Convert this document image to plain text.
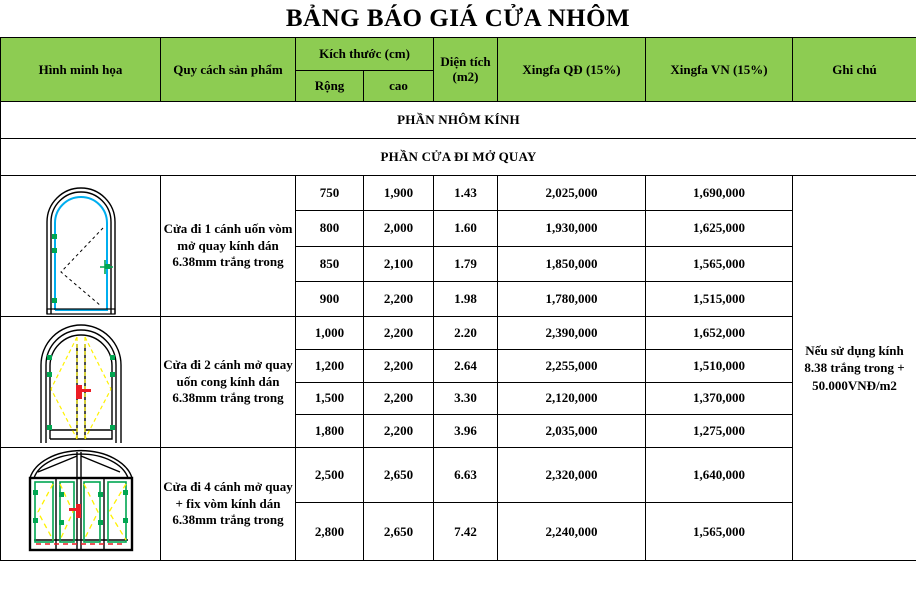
BẢNG BÁO GIÁ CỬA NHÔM
Hình minh họa	Quy cách sản phẩm	Kích thước (cm)		Diện tích (m2)	Xingfa QĐ (15%)	Xingfa VN (15%)	Ghi chú
		Rộng	cao				
PHẦN NHÔM KÍNH							
PHẦN CỬA ĐI MỞ QUAY							

	Cửa đi 1 cánh uốn vòm mở quay kính dán 6.38mm trắng trong	750	1,900	1.43	2,025,000	1,690,000	Nếu sử dụng kính 8.38 trắng trong + 50.000VNĐ/m2
		800	2,000	1.60	1,930,000	1,625,000	
		850	2,100	1.79	1,850,000	1,565,000	
		900	2,200	1.98	1,780,000	1,515,000	

	Cửa đi 2 cánh mở quay uốn cong kính dán 6.38mm trắng trong	1,000	2,200	2.20	2,390,000	1,652,000	
		1,200	2,200	2.64	2,255,000	1,510,000	
		1,500	2,200	3.30	2,120,000	1,370,000	
		1,800	2,200	3.96	2,035,000	1,275,000	

	Cửa đi 4 cánh mở quay + fix vòm kính dán 6.38mm trắng trong	2,500	2,650	6.63	2,320,000	1,640,000	
		2,800	2,650	7.42	2,240,000	1,565,000	
